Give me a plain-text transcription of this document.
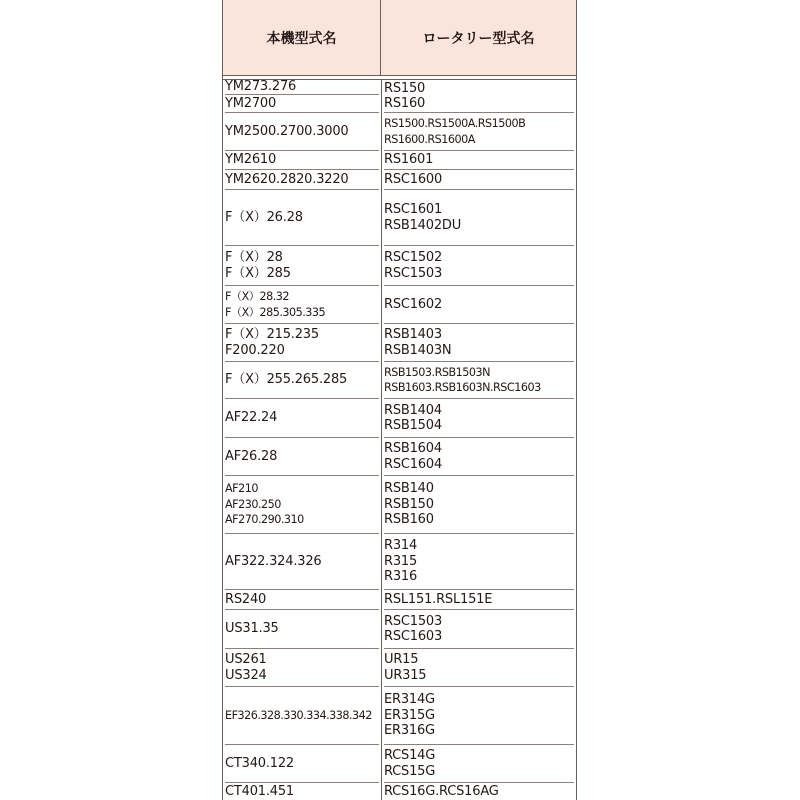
本機型式名	ロータリー型式名
YM273.276
YM2700
YM2500.2700.3000
YM2610
YM2620.2820.3220
F（X）26.28
F（X）28
F（X）285
F（X）28.32
F（X）285.305.335
F（X）215.235
F200.220
F（X）255.265.285
AF22.24
AF26.28
AF210
AF230.250
AF270.290.310
AF322.324.326
RS240
US31.35
US261
US324
EF326.328.330.334.338.342
CT340.122
CT401.451
RS150
RS160
RS1500.RS1500A.RS1500B
RS1600.RS1600A
RS1601
RSC1600
RSC1601
RSB1402DU
RSC1502
RSC1503
RSC1602
RSB1403
RSB1403N
RSB1503.RSB1503N
RSB1603.RSB1603N.RSC1603
RSB1404
RSB1504
RSB1604
RSC1604
RSB140
RSB150
RSB160
R314
R315
R316
RSL151.RSL151E
RSC1503
RSC1603
UR15
UR315
ER314G
ER315G
ER316G
RCS14G
RCS15G
RCS16G.RCS16AG
